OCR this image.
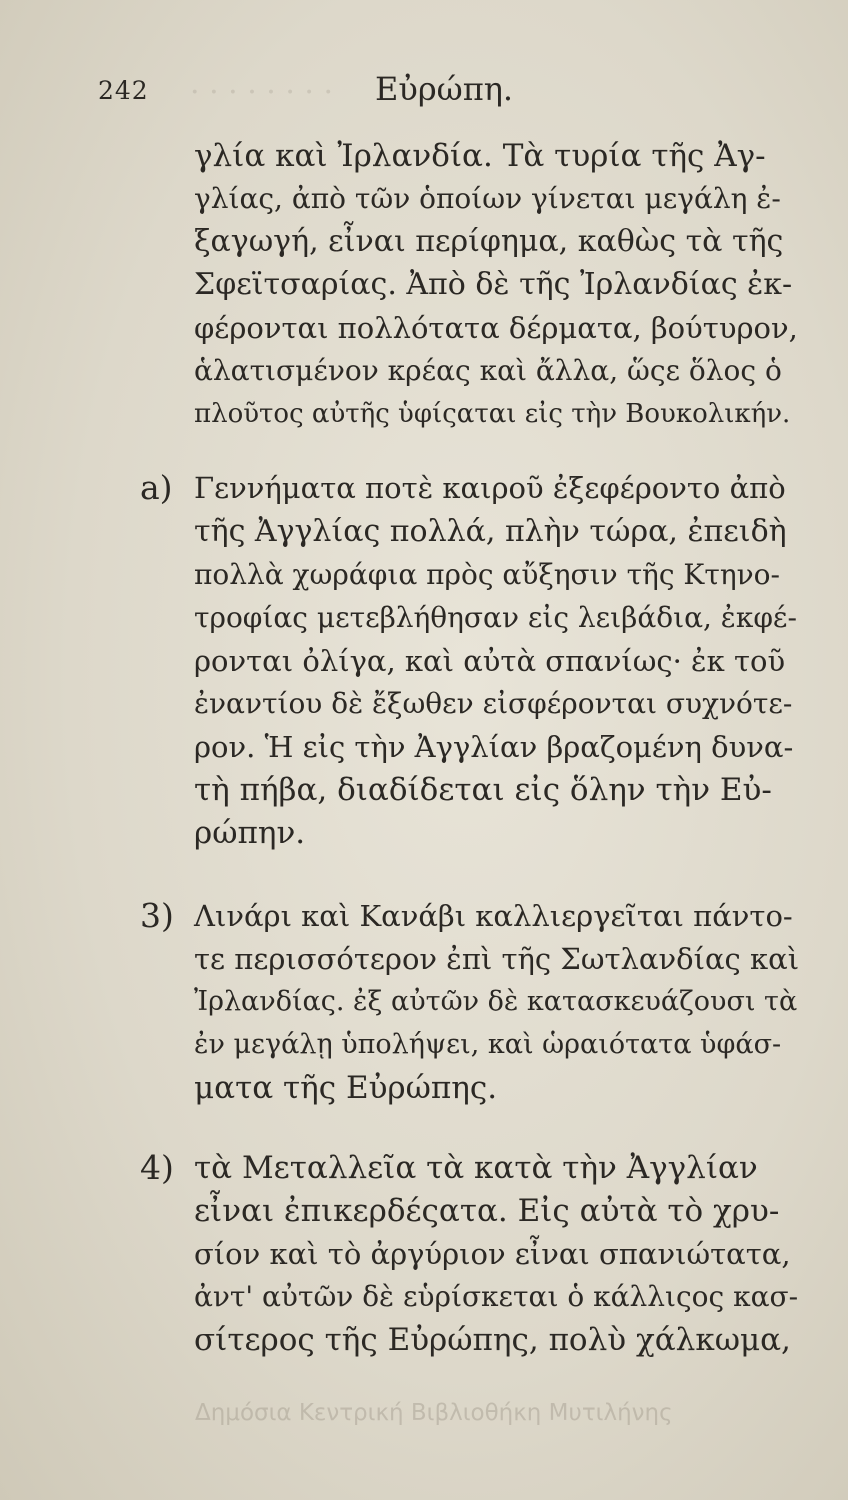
· · · · · · · ·
242	Εὐρώπη.
γλία καὶ Ἰρλανδία. Τὰ τυρία τῆς Ἀγ-
γλίας, ἀπὸ τῶν ὁποίων γίνεται μεγάλη ἐ-
ξαγωγή, εἶναι περίφημα, καθὼς τὰ τῆς
Σφεϊτσαρίας. Ἀπὸ δὲ τῆς Ἰρλανδίας ἐκ-
φέρονται πολλότατα δέρματα, βούτυρον,
ἁλατισμένον κρέας καὶ ἄλλα, ὥςε ὅλος ὁ
πλοῦτος αὐτῆς ὑφίςαται εἰς τὴν Βουκολικήν.
a) Γεννήματα ποτὲ καιροῦ ἐξεφέροντο ἀπὸ
τῆς Ἀγγλίας πολλά, πλὴν τώρα, ἐπειδὴ
πολλὰ χωράφια πρὸς αὔξησιν τῆς Κτηνο-
τροφίας μετεβλήθησαν εἰς λειβάδια, ἐκφέ-
ρονται ὀλίγα, καὶ αὐτὰ σπανίως· ἐκ τοῦ
ἐναντίου δὲ ἔξωθεν εἰσφέρονται συχνότε-
ρον. Ἡ εἰς τὴν Ἀγγλίαν βραζομένη δυνα-
τὴ πήβα, διαδίδεται εἰς ὅλην τὴν Εὐ-
ρώπην.
3) Λινάρι καὶ Κανάβι καλλιεργεῖται πάντο-
τε περισσότερον ἐπὶ τῆς Σωτλανδίας καὶ
Ἰρλανδίας. ἐξ αὐτῶν δὲ κατασκευάζουσι τὰ
ἐν μεγάλῃ ὑπολήψει, καὶ ὡραιότατα ὑφάσ-
ματα τῆς Εὐρώπης.
4) τὰ Μεταλλεῖα τὰ κατὰ τὴν Ἀγγλίαν
εἶναι ἐπικερδέςατα. Εἰς αὐτὰ τὸ χρυ-
σίον καὶ τὸ ἀργύριον εἶναι σπανιώτατα,
ἀντ' αὐτῶν δὲ εὑρίσκεται ὁ κάλλιςος κασ-
σίτερος τῆς Εὐρώπης, πολὺ χάλκωμα,
Δημόσια Κεντρική Βιβλιοθήκη Μυτιλήνης
